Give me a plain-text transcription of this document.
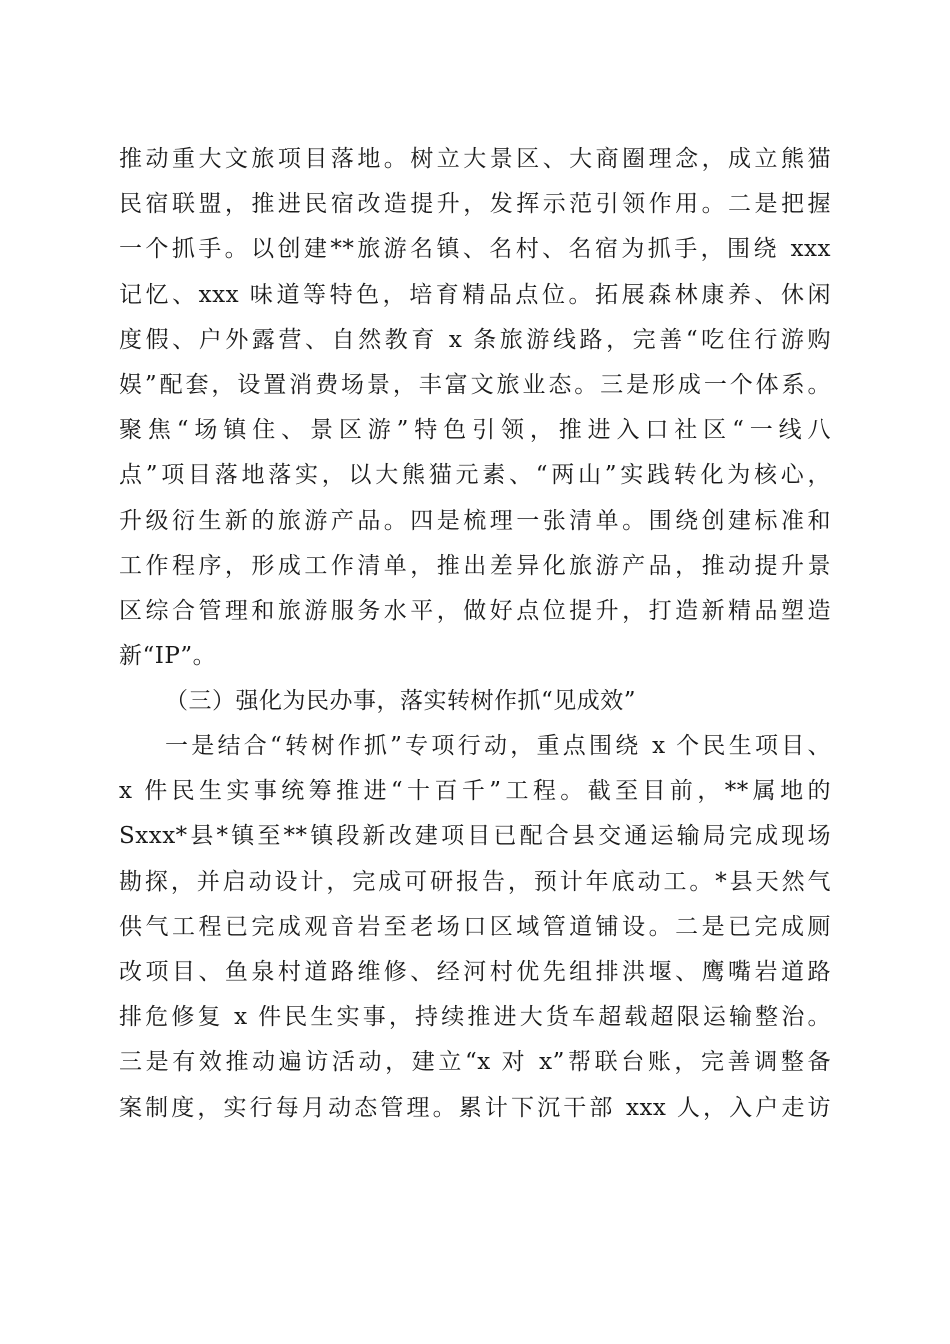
推动重大文旅项目落地。树立大景区、大商圈理念，成立熊猫
民宿联盟，推进民宿改造提升，发挥示范引领作用。二是把握
一个抓手。以创建**旅游名镇、名村、名宿为抓手，围绕 xxx
记忆、xxx 味道等特色，培育精品点位。拓展森林康养、休闲
度假、户外露营、自然教育 x 条旅游线路，完善“吃住行游购
娱”配套，设置消费场景，丰富文旅业态。三是形成一个体系。
聚焦“场镇住、景区游”特色引领，推进入口社区“一线八
点”项目落地落实，以大熊猫元素、“两山”实践转化为核心，
升级衍生新的旅游产品。四是梳理一张清单。围绕创建标准和
工作程序，形成工作清单，推出差异化旅游产品，推动提升景
区综合管理和旅游服务水平，做好点位提升，打造新精品塑造
新“IP”。
（三）强化为民办事，落实转树作抓“见成效”
一是结合“转树作抓”专项行动，重点围绕 x 个民生项目、
x 件民生实事统筹推进“十百千”工程。截至目前，**属地的
Sxxx*县*镇至**镇段新改建项目已配合县交通运输局完成现场
勘探，并启动设计，完成可研报告，预计年底动工。*县天然气
供气工程已完成观音岩至老场口区域管道铺设。二是已完成厕
改项目、鱼泉村道路维修、经河村优先组排洪堰、鹰嘴岩道路
排危修复 x 件民生实事，持续推进大货车超载超限运输整治。
三是有效推动遍访活动，建立“x 对 x”帮联台账，完善调整备
案制度，实行每月动态管理。累计下沉干部 xxx 人，入户走访
